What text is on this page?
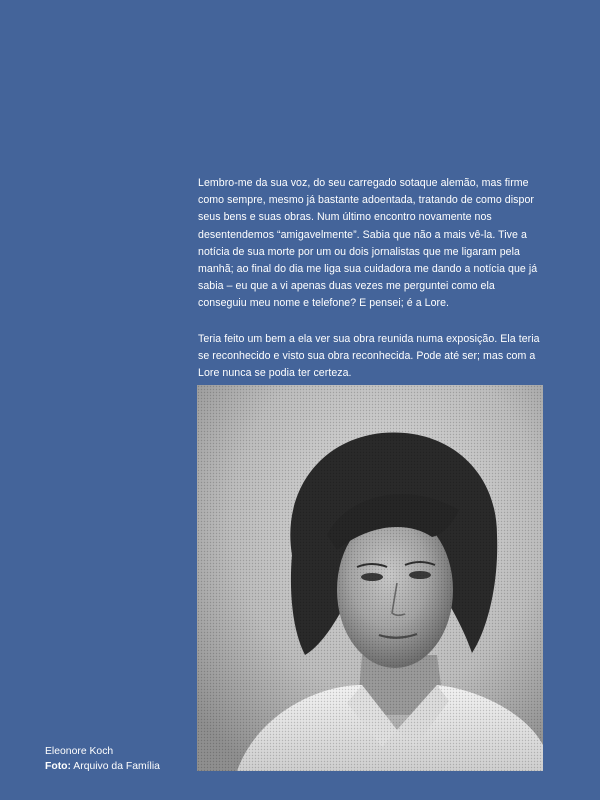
Lembro-me da sua voz, do seu carregado sotaque alemão, mas firme como sempre, mesmo já bastante adoentada, tratando de como dispor seus bens e suas obras. Num último encontro novamente nos desentendemos “amigavelmente”. Sabia que não a mais vê-la. Tive a notícia de sua morte por um ou dois jornalistas que me ligaram pela manhã; ao final do dia me liga sua cuidadora me dando a notícia que já sabia – eu que a vi apenas duas vezes me perguntei como ela conseguiu meu nome e telefone? E pensei; é a Lore.

Teria feito um bem a ela ver sua obra reunida numa exposição. Ela teria se reconhecido e visto sua obra reconhecida. Pode até ser; mas com a Lore nunca se podia ter certeza.

Eleonore Koch
Foto: Arquivo da Família
